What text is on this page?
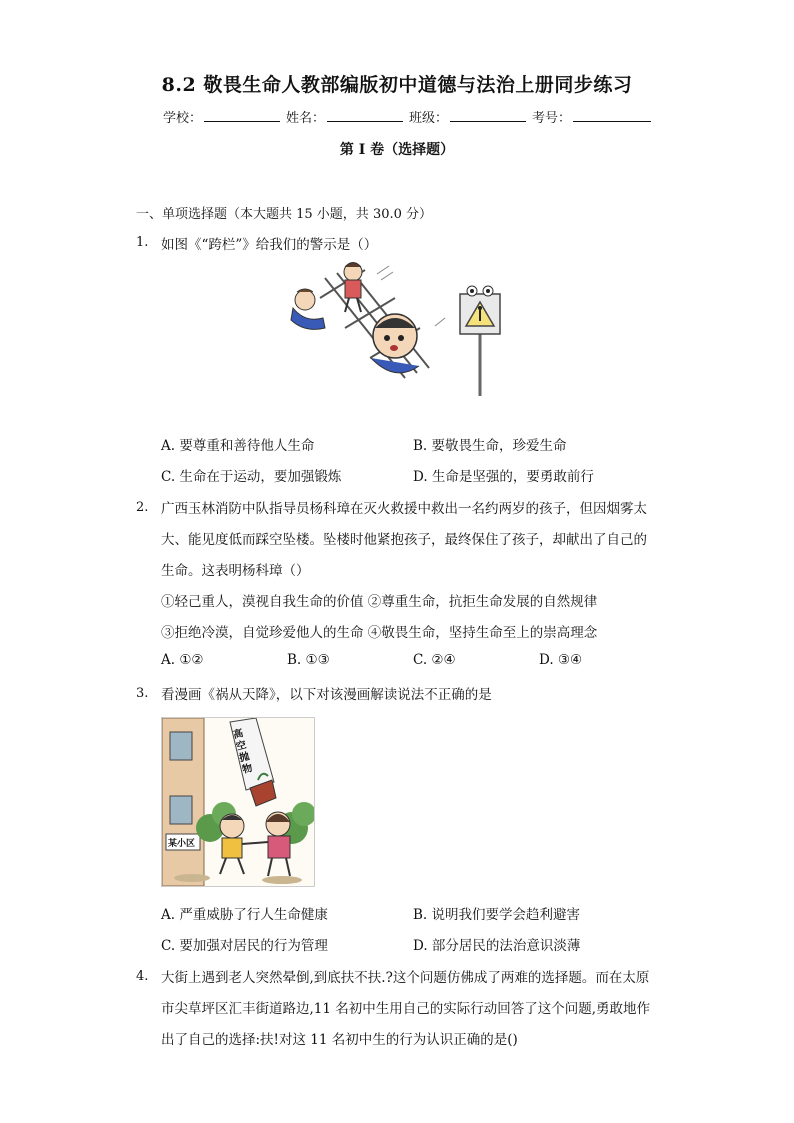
8.2 敬畏生命人教部编版初中道德与法治上册同步练习
学校：	姓名：	班级：	考号：
第 I 卷（选择题）
一、单项选择题（本大题共 15 小题，共 30.0 分）
1. 如图《“跨栏”》给我们的警示是（）
A. 要尊重和善待他人生命	B. 要敬畏生命，珍爱生命
C. 生命在于运动，要加强锻炼	D. 生命是坚强的，要勇敢前行
2. 广西玉林消防中队指导员杨科璋在灭火救援中救出一名约两岁的孩子，但因烟雾太
大、能见度低而踩空坠楼。坠楼时他紧抱孩子，最终保住了孩子，却献出了自己的
生命。这表明杨科璋（）
①轻己重人，漠视自我生命的价值 ②尊重生命，抗拒生命发展的自然规律
③拒绝冷漠，自觉珍爱他人的生命 ④敬畏生命，坚持生命至上的崇高理念
A. ①②	B. ①③	C. ②④	D. ③④
3. 看漫画《祸从天降》，以下对该漫画解读说法不正确的是
高空抛物
某小区
A. 严重威胁了行人生命健康	B. 说明我们要学会趋利避害
C. 要加强对居民的行为管理	D. 部分居民的法治意识淡薄
4. 大街上遇到老人突然晕倒,到底扶不扶.?这个问题仿佛成了两难的选择题。而在太原
市尖草坪区汇丰街道路边,11 名初中生用自己的实际行动回答了这个问题,勇敢地作
出了自己的选择:扶!对这 11 名初中生的行为认识正确的是()
